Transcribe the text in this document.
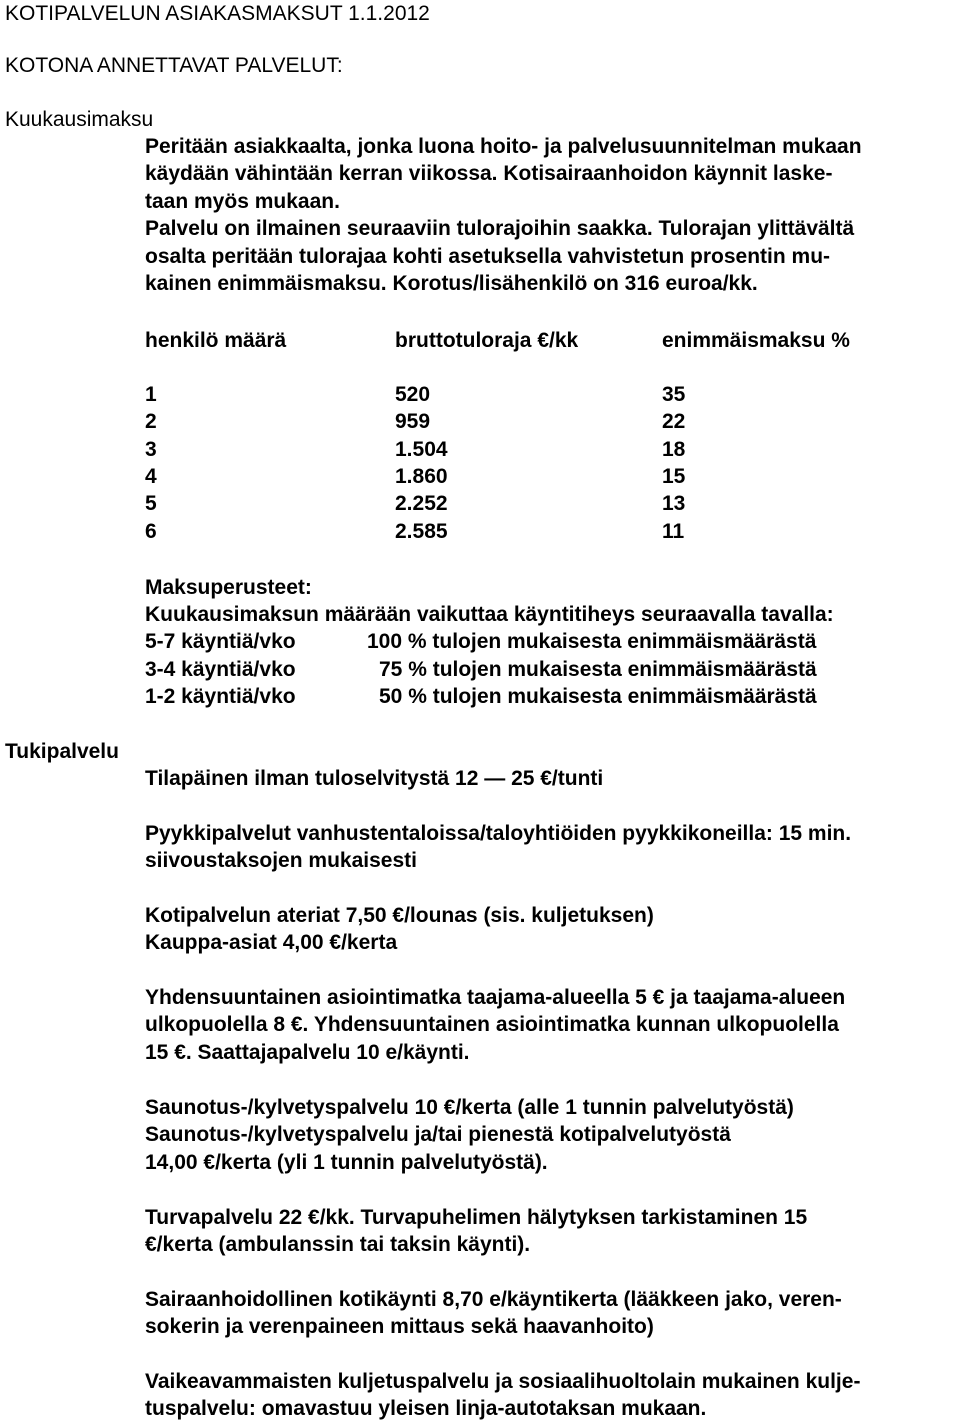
KOTIPALVELUN ASIAKASMAKSUT 1.1.2012
KOTONA ANNETTAVAT PALVELUT:
Kuukausimaksu
Peritään asiakkaalta, jonka luona hoito- ja palvelusuunnitelman mukaan
käydään vähintään kerran viikossa. Kotisairaanhoidon käynnit laske-
taan myös mukaan.
Palvelu on ilmainen seuraaviin tulorajoihin saakka. Tulorajan ylittävältä
osalta peritään tulorajaa kohti asetuksella vahvistetun prosentin mu-
kainen enimmäismaksu. Korotus/lisähenkilö on 316 euroa/kk.
henkilö määrä	bruttotuloraja €/kk	enimmäismaksu %
1	520	35
2	959	22
3	1.504	18
4	1.860	15
5	2.252	13
6	2.585	11
Maksuperusteet:
Kuukausimaksun määrään vaikuttaa käyntitiheys seuraavalla tavalla:
5-7 käyntiä/vko	100 % tulojen mukaisesta enimmäismäärästä
3-4 käyntiä/vko	75 % tulojen mukaisesta enimmäismäärästä
1-2 käyntiä/vko	50 % tulojen mukaisesta enimmäismäärästä
Tukipalvelu
Tilapäinen ilman tuloselvitystä 12 — 25 €/tunti
Pyykkipalvelut vanhustentaloissa/taloyhtiöiden pyykkikoneilla: 15 min.
siivoustaksojen mukaisesti
Kotipalvelun ateriat 7,50 €/lounas (sis. kuljetuksen)
Kauppa-asiat 4,00 €/kerta
Yhdensuuntainen asiointimatka taajama-alueella 5 € ja taajama-alueen
ulkopuolella 8 €. Yhdensuuntainen asiointimatka kunnan ulkopuolella
15 €. Saattajapalvelu 10 e/käynti.
Saunotus-/kylvetyspalvelu 10 €/kerta (alle 1 tunnin palvelutyöstä)
Saunotus-/kylvetyspalvelu ja/tai pienestä kotipalvelutyöstä
14,00 €/kerta (yli 1 tunnin palvelutyöstä).
Turvapalvelu 22 €/kk. Turvapuhelimen hälytyksen tarkistaminen 15
€/kerta (ambulanssin tai taksin käynti).
Sairaanhoidollinen kotikäynti 8,70 e/käyntikerta (lääkkeen jako, veren-
sokerin ja verenpaineen mittaus sekä haavanhoito)
Vaikeavammaisten kuljetuspalvelu ja sosiaalihuoltolain mukainen kulje-
tuspalvelu: omavastuu yleisen linja-autotaksan mukaan.
